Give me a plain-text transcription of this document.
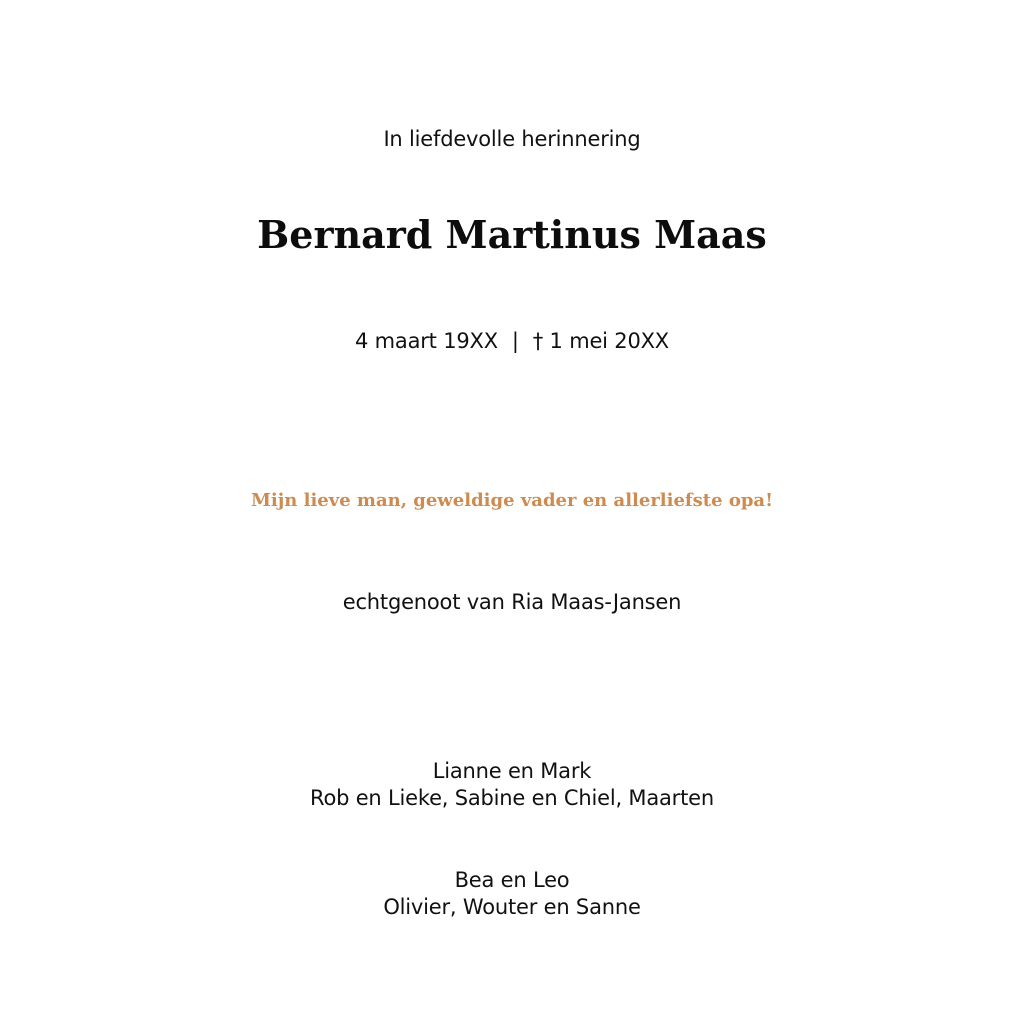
In liefdevolle herinnering
Bernard Martinus Maas
4 maart 19XX | † 1 mei 20XX
Mijn lieve man, geweldige vader en allerliefste opa!
echtgenoot van Ria Maas-Jansen
Lianne en Mark
Rob en Lieke, Sabine en Chiel, Maarten
Bea en Leo
Olivier, Wouter en Sanne
